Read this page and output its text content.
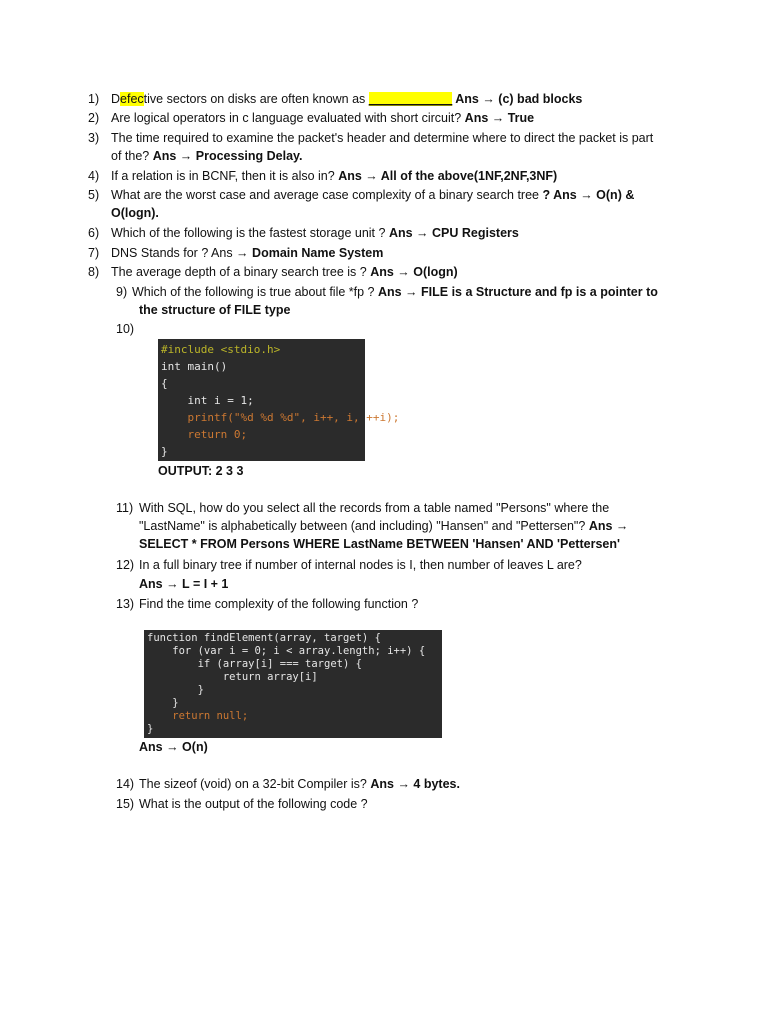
1) Defective sectors on disks are often known as ____________ Ans → (c) bad blocks
2) Are logical operators in c language evaluated with short circuit? Ans → True
3) The time required to examine the packet's header and determine where to direct the packet is part
of the? Ans → Processing Delay.
4) If a relation is in BCNF, then it is also in? Ans → All of the above(1NF,2NF,3NF)
5) What are the worst case and average case complexity of a binary search tree ? Ans → O(n) &
O(logn).
6) Which of the following is the fastest storage unit ? Ans → CPU Registers
7) DNS Stands for ? Ans → Domain Name System
8) The average depth of a binary search tree is ? Ans → O(logn)
9) Which of the following is true about file *fp ? Ans → FILE is a Structure and fp is a pointer to
the structure of FILE type
10)
#include <stdio.h>
int main()
{
int i = 1;
printf("%d %d %d", i++, i, ++i);
return 0;
}
OUTPUT: 2 3 3
11) With SQL, how do you select all the records from a table named "Persons" where the
"LastName" is alphabetically between (and including) "Hansen" and "Pettersen"? Ans →
SELECT * FROM Persons WHERE LastName BETWEEN 'Hansen' AND 'Pettersen'
12) In a full binary tree if number of internal nodes is I, then number of leaves L are?
Ans → L = I + 1
13) Find the time complexity of the following function ?
function findElement(array, target) {
for (var i = 0; i < array.length; i++) {
if (array[i] === target) {
return array[i]
}
}
return null;
}
Ans → O(n)
14) The sizeof (void) on a 32-bit Compiler is? Ans → 4 bytes.
15) What is the output of the following code ?
